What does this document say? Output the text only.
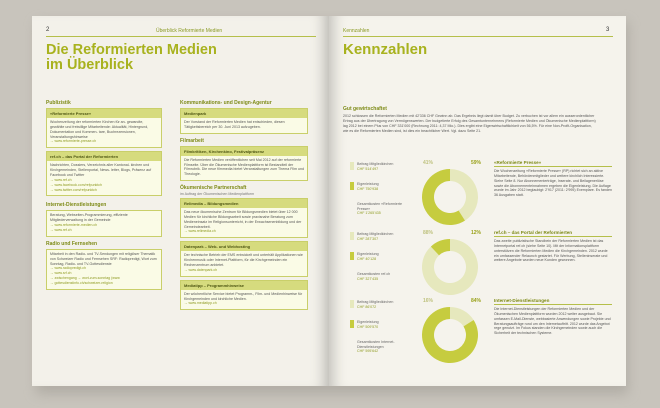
2	Überblick Reformierte Medien
Die Reformierten Medien
im Überblick
Publizistik
«Reformierte Presse»
Wochenzeitung der reformierten Kirchen für an- gewandte, gewählte und freiwillige Mitarbeitende: Aktualität, Hintergrund, Dokumentation und Kommen- tare, Buchrezensionen, Veranstaltungshinweise
→ www.reformierte-presse.ch
ref.ch – das Portal der Reformierten
Nachrichten, Dossiers, Verzeichnis aller Kantonal- kirchen und Kirchgemeinden, Stellenportal, News- letter, Blogs, Präsenz auf Facebook und Twitter
→ www.ref.ch
→ www.facebook.com/refpunktch
→ www.twitter.com/refpunktch
Internet-Dienstleistungen
Beratung, Webseiten-Programmierung, effiziente Mitgliederverwaltung in der Gemeinde
→ www.reformierte-medien.ch
→ www.ref.ch
Radio und Fernsehen
Mitarbeit in den Radio- und TV-Sendungen mit religiöser Thematik von Schweizer Radio und Fernsehen SRF: Radiopredigt, Wort zum Sonntag, Radio- und TV-Gottesdienste
→ www.radiopredigt.ch
→ www.srf.ch
→ zwischengang → wort-zum-sonntag (www
→ gottesdienstinfo.ch/schweizer-religion
Kommunikations- und Design-Agentur
Medienpark
Der Vorstand der Reformierten Medien hat entschieden, diesen Tätigkeitsbereich per 30. Juni 2013 aufzugeben.
Filmarbeit
Filmkritiken, Kirchenkino, Festivalpräsenz
Die Reformierten Medien veröffentlichen seit Mai 2012 auf der reformierte Filmseite. Über die Ökumenische Medienplattform ist Bestandteil der Filmrubrik. Die neue filmmedia bietet Veranstaltungen zum Thema Film und Theologie.
Ökumenische Partnerschaft
im Auftrag der Ökumenischen Medienplattform
Relimedia – Bildungsmedien
Das neue ökumenische Zentrum für Bildungsmedien bietet über 12 000 Medien für kirchliche Bildungsarbeit sowie praxisnahe Beratung zum Medieneinsatz im Religionsunterricht, in der Erwachsenenbildung und der Gemeindearbeit.
→ www.relimedia.ch
Datenpark – Web- und Webhosting
Der technische Betrieb der EMS entwickelt und unterhält Applikationen wie Kirchenmusik oder Internet-Plattform, für die Kirchgemeinden ein Rechenzentrum anbietet.
→ www.datenpark.ch
Mediatipp – Programmhinweise
Der wöchentliche Service bietet Programm-, Film- und Medienhinweise für Kirchgemeinden und kirchliche Medien.
→ www.mediatipp.ch
Kennzahlen	3
Kennzahlen
Gut gewirtschaftet
2012 schlossen die Reformierten Medien mit 42'336 CHF Gewinn ab. Das Ergebnis liegt damit über Budget. Zu verbuchen ist vor allem ein ausserordentlicher Ertrag aus der Übertragung von Vermögenswerten. Der budgetierte Erfolg des Gesamtunternehmens (Reformierte Medien und Ökumenische Medienplattform) lag 2012 bei einem Plus von CHF 331'000 (Rechnung 2011: 4,37 Mio.). Dies ergibt eine Eigenwirtschaftlichkeit von 56,5%. Für eine Non-Profit-Organisation, wie es die Reformierten Medien sind, ist dies ein beachtlicher Wert. Vgl. dazu Seite 21.
Beitrag Mitgliedkirchen
CHF 514'497
Eigenleistung
CHF 750'938
Gesamtkosten «Reformierte Presse»
CHF 1'265'435
41%	59%	«Reformierte Presse»
Die Wochenzeitung «Reformierte Presse» (RP) richtet sich an aktive Mitarbeitende, Behördenmitglieder und weitere kirchlich Interessierte. Siehe Seite 8. Nur Abonnementerträge, Inserate- und Beilagenerlöse sowie die Abonnementeinnahmen ergeben die Eigenleistung. Die Auflage wurde im Jahr 2012 beglaubigt: 2'917 (2011: 2'995) Exemplare. Es fanden 36 Ausgaben statt.
Beitrag Mitgliedkirchen
CHF 287'307
Eigenleistung
CHF 40'128
Gesamtkosten ref.ch
CHF 327'435
88%	12%	ref.ch – das Portal der Reformierten
Das zweite publizistische Standbein der Reformierten Medien ist das Internetportal ref.ch (siehe Seite 10). Mit der Informationsplattform unterstützen die Reformierten Medien die Kirchgemeinden. 2012 wurde ein umfassender Relaunch gestartet. Für Werbung, Stelleninserate und weitere Angebote wurden neue Kunden gewonnen.
Beitrag Mitgliedkirchen
CHF 86'072
Eigenleistung
CHF 509'570
Gesamtkosten Internet-Dienstleistungen
CHF 595'642
16%	84%	Internet-Dienstleistungen
Die Internet-Dienstleistungen der Reformierten Medien und der Ökumenischen Medienplattform wurden 2012 weiter ausgebaut. Sie umfassen E-Mail-Dienste, webbasierte Anwendungen sowie Projekte und Beratungsaufträge rund um den Internetauftritt. 2012 wurde das Angebot rege genutzt. Im Fokus standen die Kirchgemeinden sowie auch die Sicherheit der technischen Systeme.
